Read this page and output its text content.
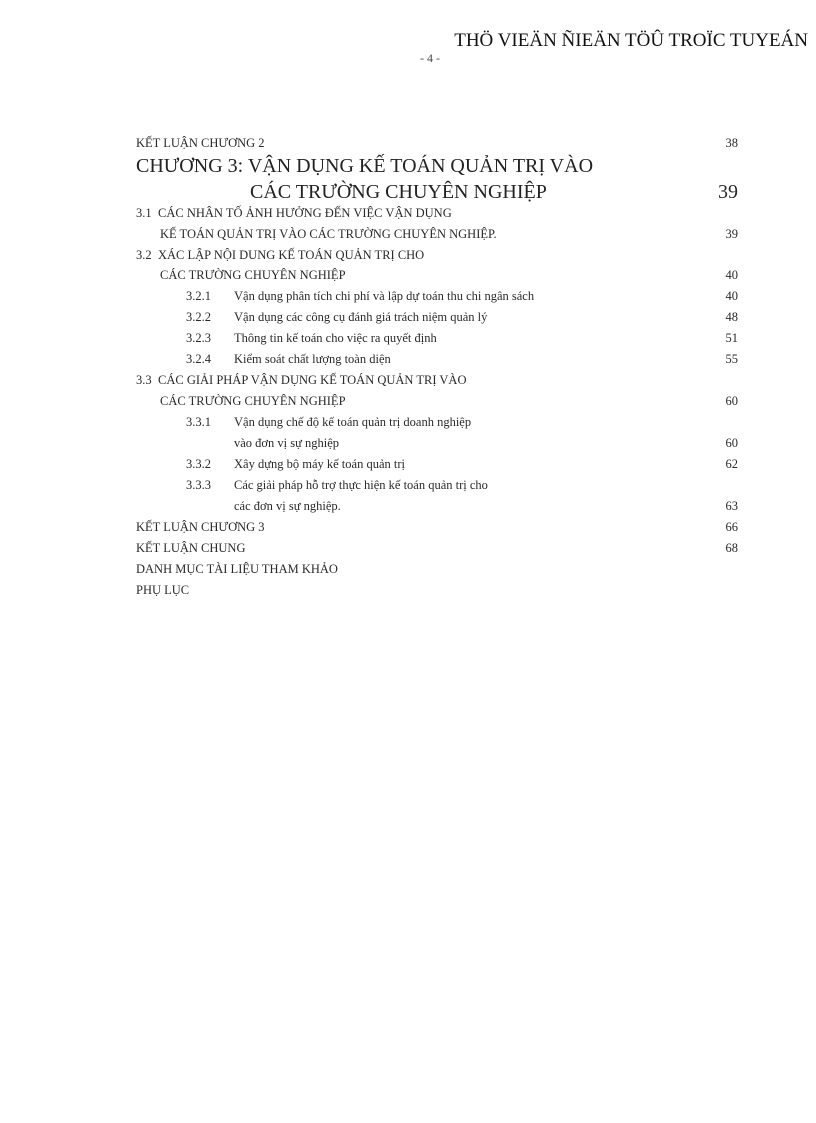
THÖ VIEÄN ÑIEÄN TÖÛ TROÏC TUYEÁN
- 4 -
KẾT LUẬN CHƯƠNG 2	38
CHƯƠNG 3: VẬN DỤNG KẾ TOÁN QUẢN TRỊ VÀO
CÁC TRƯỜNG CHUYÊN NGHIỆP	39
3.1 CÁC NHÂN TỐ ẢNH HƯỞNG ĐẾN VIỆC VẬN DỤNG
KẾ TOÁN QUẢN TRỊ VÀO CÁC TRƯỜNG CHUYÊN NGHIỆP.	39
3.2 XÁC LẬP NỘI DUNG KẾ TOÁN QUẢN TRỊ CHO
CÁC TRƯỜNG CHUYÊN NGHIỆP	40
3.2.1 Vận dụng phân tích chi phí và lập dự toán thu chi ngân sách	40
3.2.2 Vận dụng các công cụ đánh giá trách niệm quản lý	48
3.2.3 Thông tin kế toán cho việc ra quyết định	51
3.2.4 Kiểm soát chất lượng toàn diện	55
3.3 CÁC GIẢI PHÁP VẬN DỤNG KẾ TOÁN QUẢN TRỊ VÀO
CÁC TRƯỜNG CHUYÊN NGHIỆP	60
3.3.1 Vận dụng chế độ kế toán quản trị doanh nghiệp
vào đơn vị sự nghiệp	60
3.3.2 Xây dựng bộ máy kế toán quản trị	62
3.3.3 Các giải pháp hỗ trợ thực hiện kế toán quản trị cho
các đơn vị sự nghiệp.	63
KẾT LUẬN CHƯƠNG 3	66
KẾT LUẬN CHUNG	68
DANH MỤC TÀI LIỆU THAM KHẢO
PHỤ LỤC
